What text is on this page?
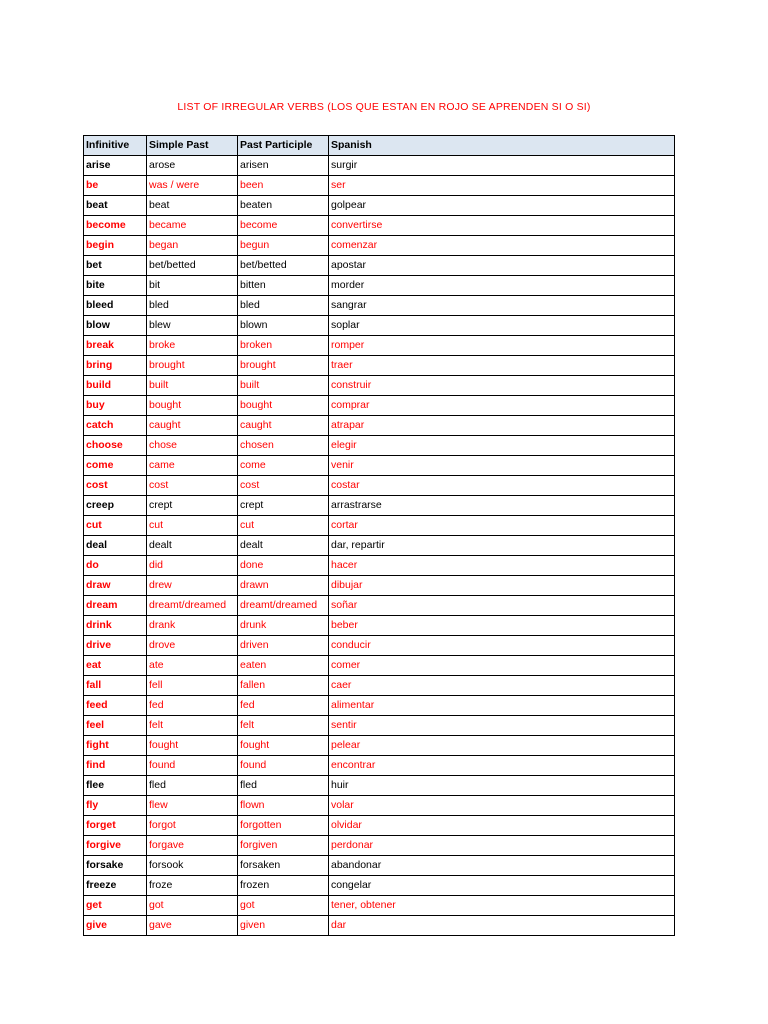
LIST OF IRREGULAR VERBS (LOS QUE ESTAN EN ROJO SE APRENDEN SI O SI)
Infinitive	Simple Past	Past Participle	Spanish
arise	arose	arisen	surgir
be	was / were	been	ser
beat	beat	beaten	golpear
become	became	become	convertirse
begin	began	begun	comenzar
bet	bet/betted	bet/betted	apostar
bite	bit	bitten	morder
bleed	bled	bled	sangrar
blow	blew	blown	soplar
break	broke	broken	romper
bring	brought	brought	traer
build	built	built	construir
buy	bought	bought	comprar
catch	caught	caught	atrapar
choose	chose	chosen	elegir
come	came	come	venir
cost	cost	cost	costar
creep	crept	crept	arrastrarse
cut	cut	cut	cortar
deal	dealt	dealt	dar, repartir
do	did	done	hacer
draw	drew	drawn	dibujar
dream	dreamt/dreamed	dreamt/dreamed	soñar
drink	drank	drunk	beber
drive	drove	driven	conducir
eat	ate	eaten	comer
fall	fell	fallen	caer
feed	fed	fed	alimentar
feel	felt	felt	sentir
fight	fought	fought	pelear
find	found	found	encontrar
flee	fled	fled	huir
fly	flew	flown	volar
forget	forgot	forgotten	olvidar
forgive	forgave	forgiven	perdonar
forsake	forsook	forsaken	abandonar
freeze	froze	frozen	congelar
get	got	got	tener, obtener
give	gave	given	dar
